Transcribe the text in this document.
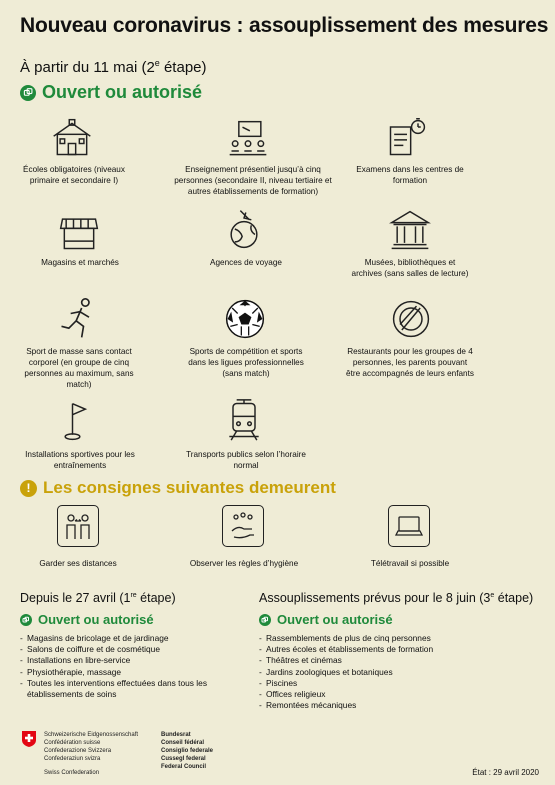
Nouveau coronavirus : assouplissement des mesures
À partir du 11 mai (2e étape)
Ouvert ou autorisé
Écoles obligatoires (niveaux primaire et secondaire I)
Enseignement présentiel jusqu’à cinq personnes (secondaire II, niveau tertiaire et autres établissements de formation)
Examens dans les centres de formation
Magasins et marchés	Agences de voyage	Musées, bibliothèques et archives (sans salles de lecture)
Sport de masse sans contact corporel (en groupe de cinq personnes au maximum, sans match)
Sports de compétition et sports dans les ligues professionnelles (sans match)
Restaurants pour les groupes de 4 personnes, les parents pouvant être accompagnés de leurs enfants
Installations sportives pour les entraînements
Transports publics selon l’horaire normal
! Les consignes suivantes demeurent
Garder ses distances	Observer les règles d’hygiène	Télétravail si possible
Depuis le 27 avril (1re étape)
Ouvert ou autorisé
- Magasins de bricolage et de jardinage
- Salons de coiffure et de cosmétique
- Installations en libre-service
- Physiothérapie, massage
- Toutes les interventions effectuées dans tous les établissements de soins
Assouplissements prévus pour le 8 juin (3e étape)
Ouvert ou autorisé
- Rassemblements de plus de cinq personnes
- Autres écoles et établissements de formation
- Théâtres et cinémas
- Jardins zoologiques et botaniques
- Piscines
- Offices religieux
- Remontées mécaniques
Schweizerische Eidgenossenschaft
Confédération suisse
Confederazione Svizzera
Confederaziun svizra
Swiss Confederation
Bundesrat
Conseil fédéral
Consiglio federale
Cussegl federal
Federal Council
État : 29 avril 2020
